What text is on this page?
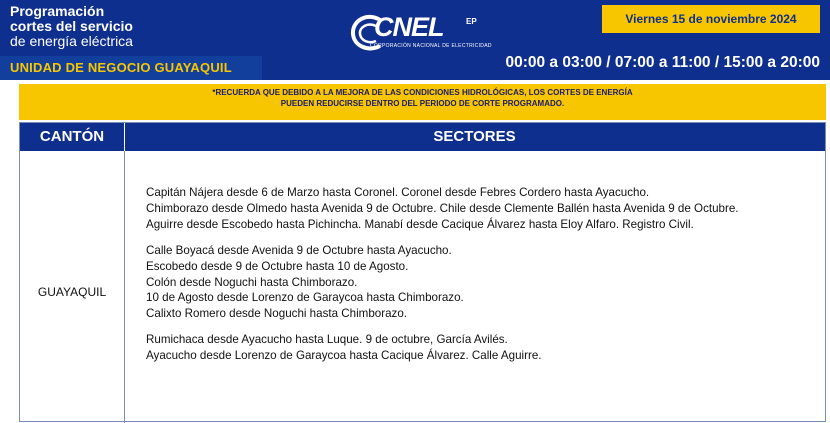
Programación
cortes del servicio
de energía eléctrica
UNIDAD DE NEGOCIO GUAYAQUIL
CNEL	EP
CORPORACIÓN NACIONAL DE ELECTRICIDAD
Viernes 15 de noviembre 2024
00:00 a 03:00 / 07:00 a 11:00 / 15:00 a 20:00
*RECUERDA QUE DEBIDO A LA MEJORA DE LAS CONDICIONES HIDROLÓGICAS, LOS CORTES DE ENERGÍA
PUEDEN REDUCIRSE DENTRO DEL PERIODO DE CORTE PROGRAMADO.
CANTÓN	SECTORES
GUAYAQUIL
Capitán Nájera desde 6 de Marzo hasta Coronel. Coronel desde Febres Cordero hasta Ayacucho.
Chimborazo desde Olmedo hasta Avenida 9 de Octubre. Chile desde Clemente Ballén hasta Avenida 9 de Octubre.
Aguirre desde Escobedo hasta Pichincha. Manabí desde Cacique Álvarez hasta Eloy Alfaro. Registro Civil.
Calle Boyacá desde Avenida 9 de Octubre hasta Ayacucho.
Escobedo desde 9 de Octubre hasta 10 de Agosto.
Colón desde Noguchi hasta Chimborazo.
10 de Agosto desde Lorenzo de Garaycoa hasta Chimborazo.
Calixto Romero desde Noguchi hasta Chimborazo.
Rumichaca desde Ayacucho hasta Luque. 9 de octubre, García Avilés.
Ayacucho desde Lorenzo de Garaycoa hasta Cacique Álvarez. Calle Aguirre.
